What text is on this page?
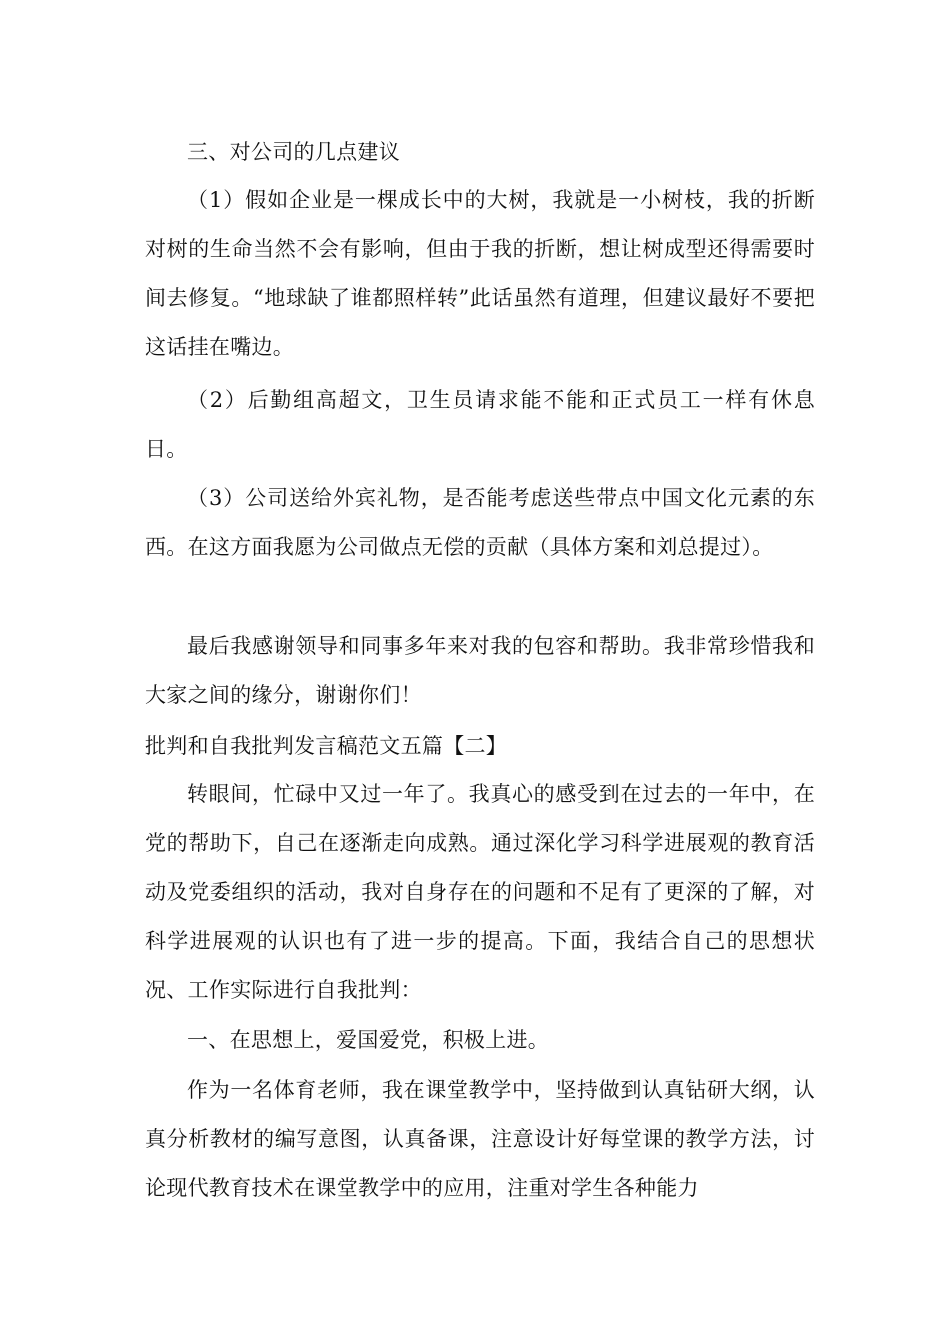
三、对公司的几点建议

（1）假如企业是一棵成长中的大树，我就是一小树枝，我的折断对树的生命当然不会有影响，但由于我的折断，想让树成型还得需要时间去修复。“地球缺了谁都照样转”此话虽然有道理，但建议最好不要把这话挂在嘴边。

（2）后勤组高超文，卫生员请求能不能和正式员工一样有休息日。

（3）公司送给外宾礼物，是否能考虑送些带点中国文化元素的东西。在这方面我愿为公司做点无偿的贡献（具体方案和刘总提过）。

最后我感谢领导和同事多年来对我的包容和帮助。我非常珍惜我和大家之间的缘分，谢谢你们！

批判和自我批判发言稿范文五篇【二】

转眼间，忙碌中又过一年了。我真心的感受到在过去的一年中，在党的帮助下，自己在逐渐走向成熟。通过深化学习科学进展观的教育活动及党委组织的活动，我对自身存在的问题和不足有了更深的了解，对科学进展观的认识也有了进一步的提高。下面，我结合自己的思想状况、工作实际进行自我批判：

一、在思想上，爱国爱党，积极上进。

作为一名体育老师，我在课堂教学中，坚持做到认真钻研大纲，认真分析教材的编写意图，认真备课，注意设计好每堂课的教学方法，讨论现代教育技术在课堂教学中的应用，注重对学生各种能力
